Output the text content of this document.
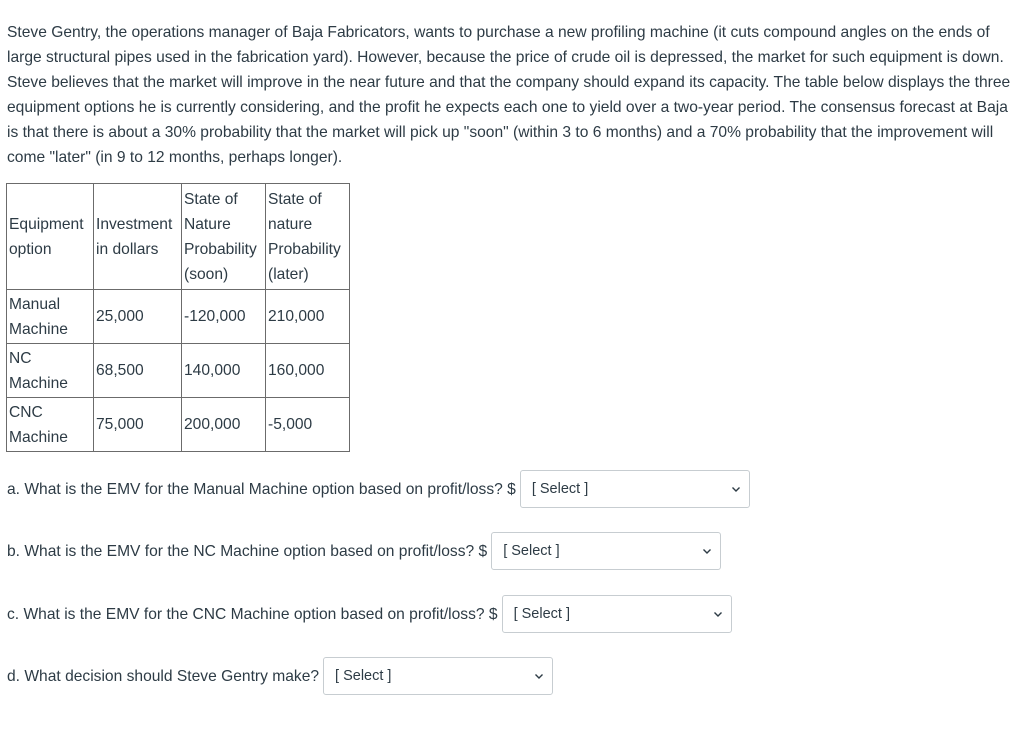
Steve Gentry, the operations manager of Baja Fabricators, wants to purchase a new profiling machine (it cuts compound angles on the ends of large structural pipes used in the fabrication yard). However, because the price of crude oil is depressed, the market for such equipment is down. Steve believes that the market will improve in the near future and that the company should expand its capacity. The table below displays the three equipment options he is currently considering, and the profit he expects each one to yield over a two-year period. The consensus forecast at Baja is that there is about a 30% probability that the market will pick up "soon" (within 3 to 6 months) and a 70% probability that the improvement will come "later" (in 9 to 12 months, perhaps longer).

Equipment option	Investment in dollars	State of Nature Probability (soon)	State of nature Probability (later)
Manual Machine	25,000	-120,000	210,000
NC Machine	68,500	140,000	160,000
CNC Machine	75,000	200,000	-5,000
a. What is the EMV for the Manual Machine option based on profit/loss? $ [ Select ]
b. What is the EMV for the NC Machine option based on profit/loss? $ [ Select ]
c. What is the EMV for the CNC Machine option based on profit/loss? $ [ Select ]
d. What decision should Steve Gentry make? [ Select ]
